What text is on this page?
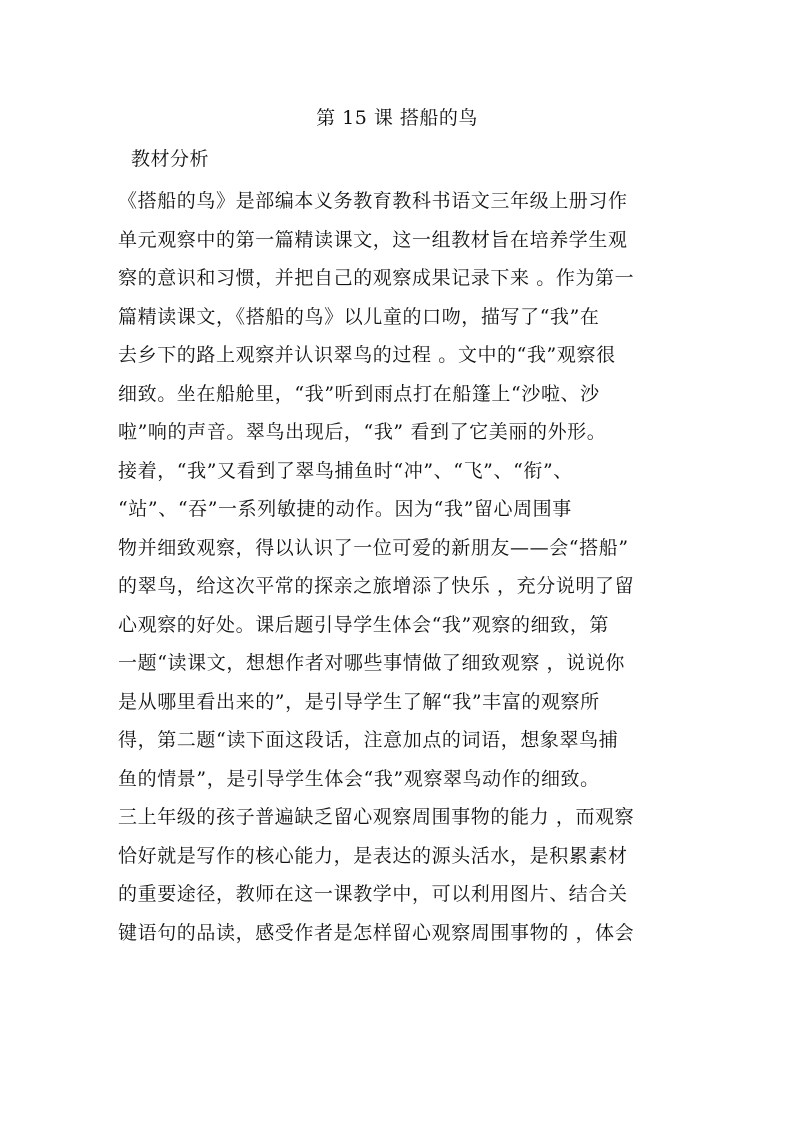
第 15 课 搭船的鸟
教材分析
《搭船的鸟》是部编本义务教育教科书语文三年级上册习作
单元观察中的第一篇精读课文，这一组教材旨在培养学生观
察的意识和习惯，并把自己的观察成果记录下来 。作为第一
篇精读课文，《搭船的鸟》以儿童的口吻，描写了“我”在
去乡下的路上观察并认识翠鸟的过程 。文中的“我”观察很
细致。坐在船舱里，“我”听到雨点打在船篷上“沙啦、沙
啦”响的声音。翠鸟出现后，“我” 看到了它美丽的外形。
接着，“我”又看到了翠鸟捕鱼时“冲”、“飞”、“衔”、
“站”、“吞”一系列敏捷的动作。因为“我”留心周围事
物并细致观察，得以认识了一位可爱的新朋友——会“搭船”
的翠鸟，给这次平常的探亲之旅增添了快乐 ，充分说明了留
心观察的好处。课后题引导学生体会“我”观察的细致，第
一题“读课文，想想作者对哪些事情做了细致观察 ，说说你
是从哪里看出来的”，是引导学生了解“我”丰富的观察所
得，第二题“读下面这段话，注意加点的词语，想象翠鸟捕
鱼的情景”，是引导学生体会“我”观察翠鸟动作的细致。
三上年级的孩子普遍缺乏留心观察周围事物的能力 ，而观察
恰好就是写作的核心能力，是表达的源头活水，是积累素材
的重要途径，教师在这一课教学中，可以利用图片、结合关
键语句的品读，感受作者是怎样留心观察周围事物的 ，体会
